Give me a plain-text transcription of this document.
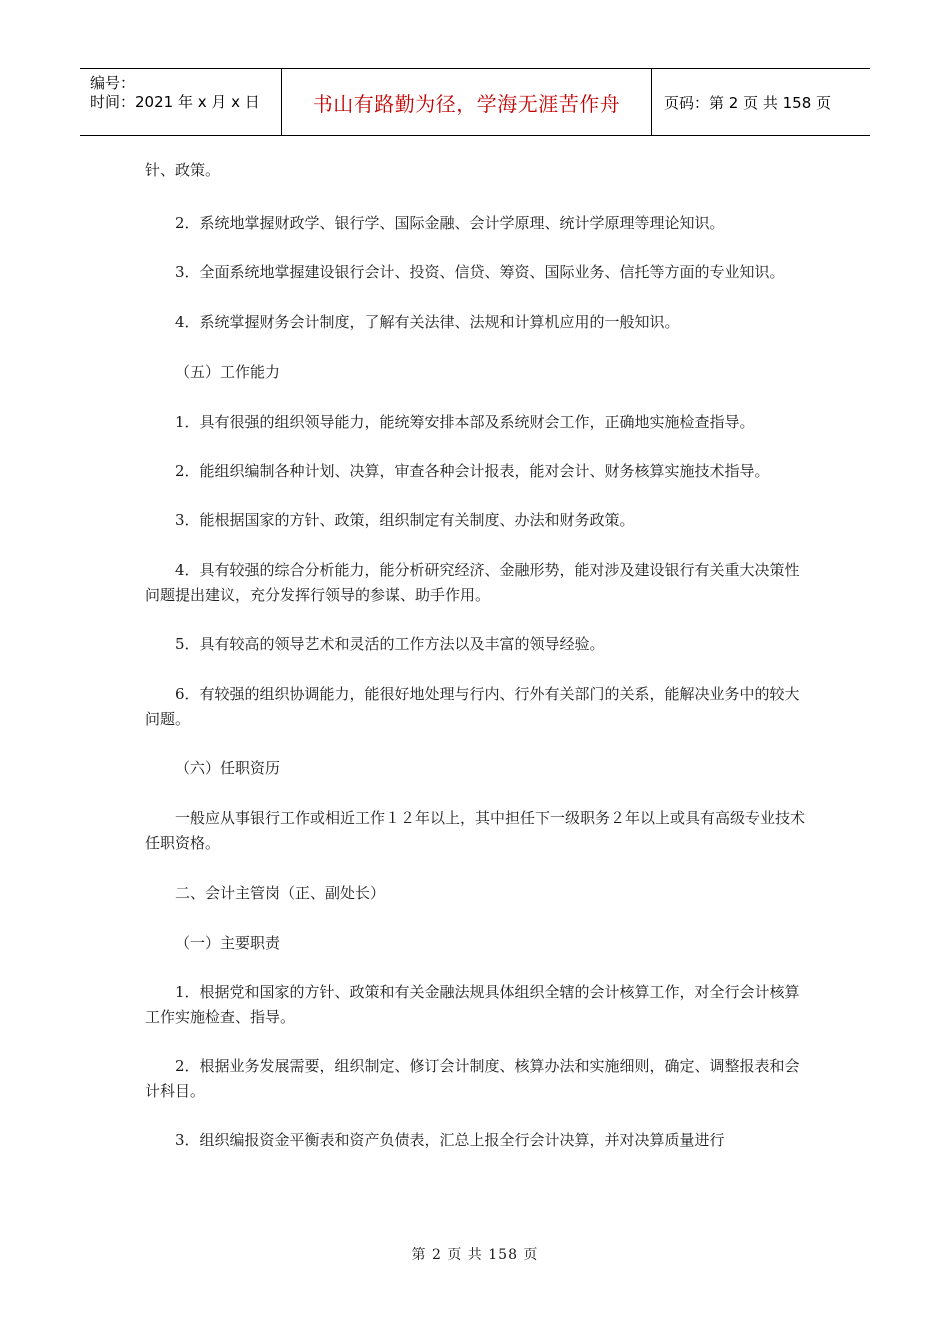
编号：
时间：2021 年 x 月 x 日	书山有路勤为径，学海无涯苦作舟	页码：第 2 页 共 158 页

针、政策。

2．系统地掌握财政学、银行学、国际金融、会计学原理、统计学原理等理论知识。

3．全面系统地掌握建设银行会计、投资、信贷、筹资、国际业务、信托等方面的专业知识。

4．系统掌握财务会计制度，了解有关法律、法规和计算机应用的一般知识。

（五）工作能力

1．具有很强的组织领导能力，能统筹安排本部及系统财会工作，正确地实施检查指导。

2．能组织编制各种计划、决算，审查各种会计报表，能对会计、财务核算实施技术指导。

3．能根据国家的方针、政策，组织制定有关制度、办法和财务政策。

4．具有较强的综合分析能力，能分析研究经济、金融形势，能对涉及建设银行有关重大决策性问题提出建议，充分发挥行领导的参谋、助手作用。

5．具有较高的领导艺术和灵活的工作方法以及丰富的领导经验。

6．有较强的组织协调能力，能很好地处理与行内、行外有关部门的关系，能解决业务中的较大问题。

（六）任职资历

一般应从事银行工作或相近工作１２年以上，其中担任下一级职务２年以上或具有高级专业技术任职资格。

二、会计主管岗（正、副处长）

（一）主要职责

1．根据党和国家的方针、政策和有关金融法规具体组织全辖的会计核算工作，对全行会计核算工作实施检查、指导。

2．根据业务发展需要，组织制定、修订会计制度、核算办法和实施细则，确定、调整报表和会计科目。

3．组织编报资金平衡表和资产负债表，汇总上报全行会计决算，并对决算质量进行

第 2 页 共 158 页
